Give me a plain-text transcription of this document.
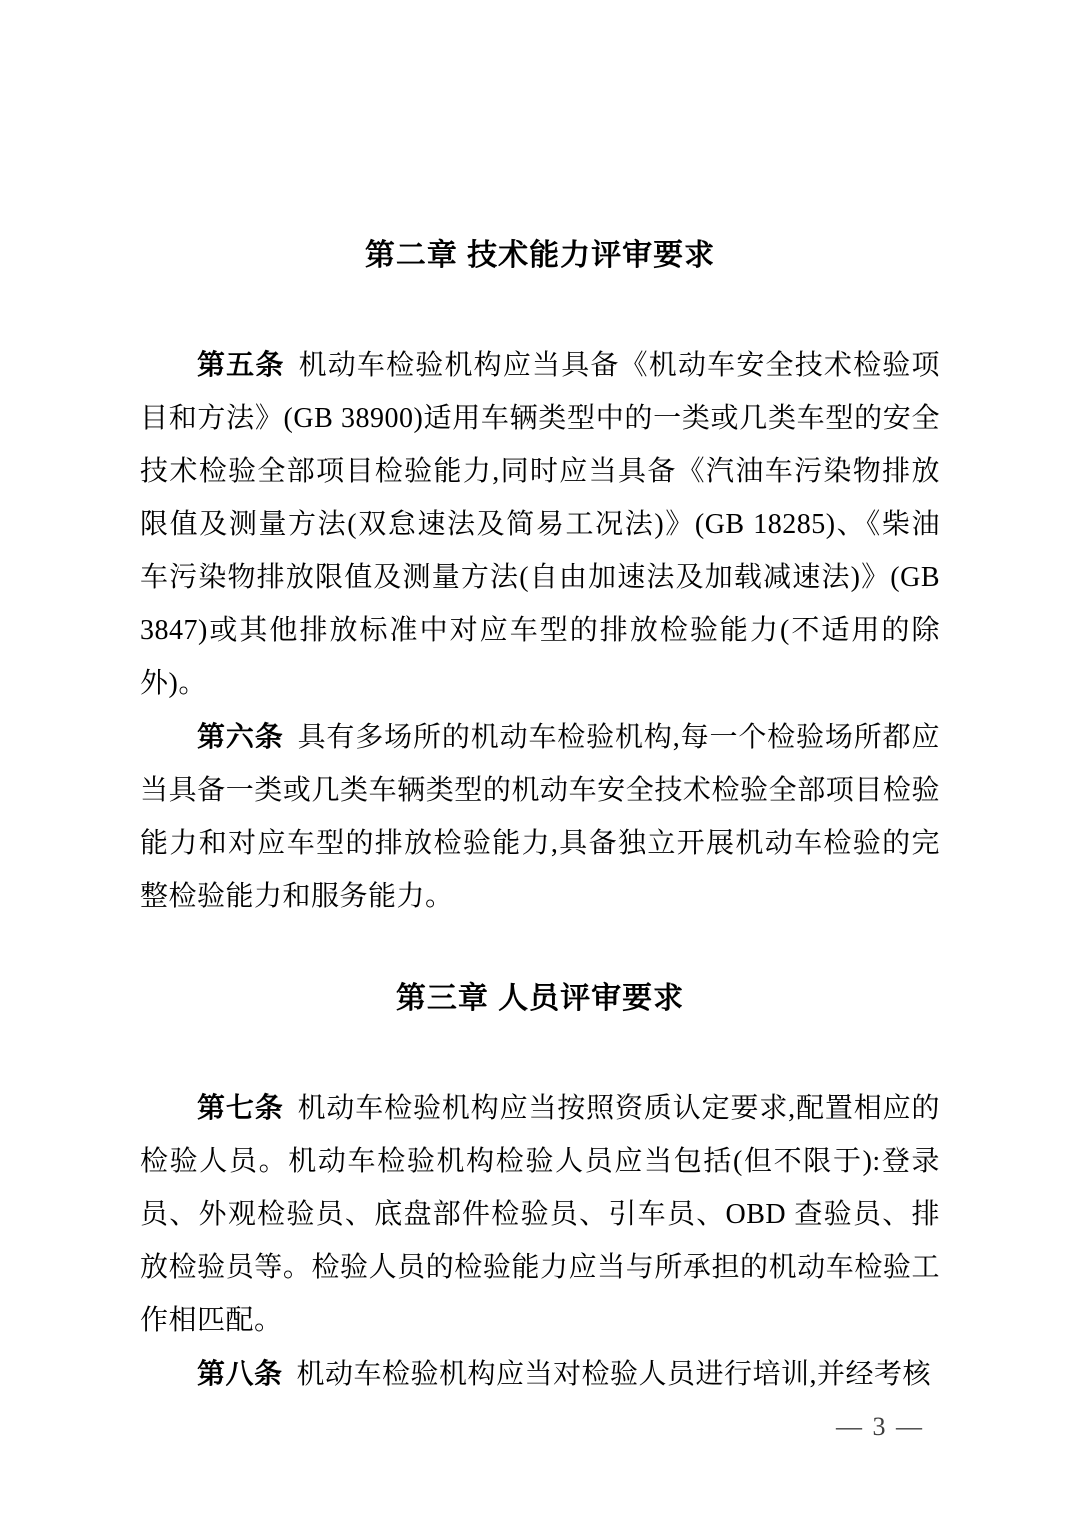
第二章 技术能力评审要求

第五条 机动车检验机构应当具备《机动车安全技术检验项目和方法》(GB 38900)适用车辆类型中的一类或几类车型的安全技术检验全部项目检验能力,同时应当具备《汽油车污染物排放限值及测量方法(双怠速法及简易工况法)》(GB 18285)、《柴油车污染物排放限值及测量方法(自由加速法及加载减速法)》(GB 3847)或其他排放标准中对应车型的排放检验能力(不适用的除外)。

第六条 具有多场所的机动车检验机构,每一个检验场所都应当具备一类或几类车辆类型的机动车安全技术检验全部项目检验能力和对应车型的排放检验能力,具备独立开展机动车检验的完整检验能力和服务能力。

第三章 人员评审要求

第七条 机动车检验机构应当按照资质认定要求,配置相应的检验人员。机动车检验机构检验人员应当包括(但不限于):登录员、外观检验员、底盘部件检验员、引车员、OBD 查验员、排放检验员等。检验人员的检验能力应当与所承担的机动车检验工作相匹配。

第八条 机动车检验机构应当对检验人员进行培训,并经考核

— 3 —
